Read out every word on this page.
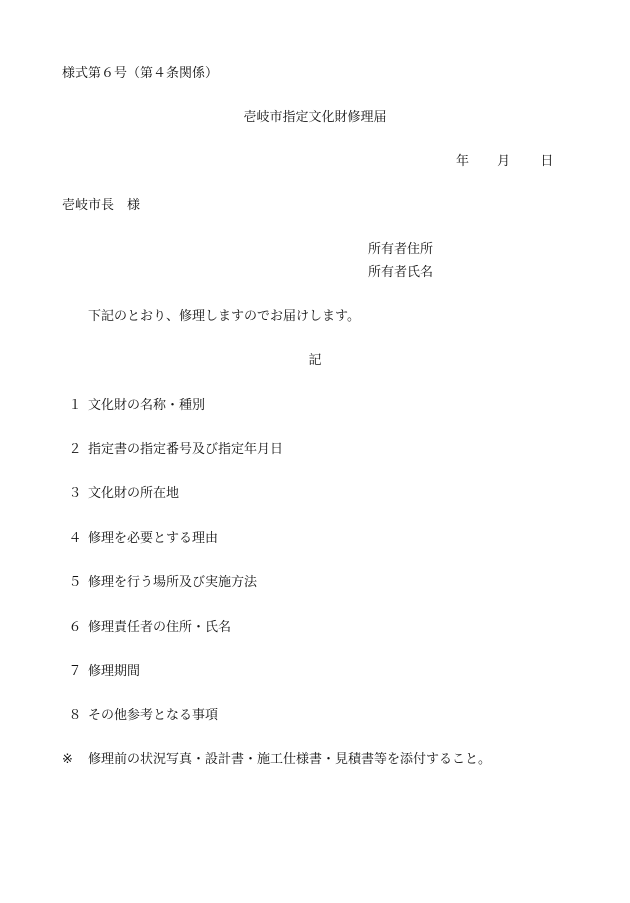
様式第６号（第４条関係）
壱岐市指定文化財修理届
年 月 日
壱岐市長　様
所有者住所
所有者氏名
下記のとおり、修理しますのでお届けします。
記
１ 文化財の名称・種別
２ 指定書の指定番号及び指定年月日
３ 文化財の所在地
４ 修理を必要とする理由
５ 修理を行う場所及び実施方法
６ 修理責任者の住所・氏名
７ 修理期間
８ その他参考となる事項
※ 修理前の状況写真・設計書・施工仕様書・見積書等を添付すること。
